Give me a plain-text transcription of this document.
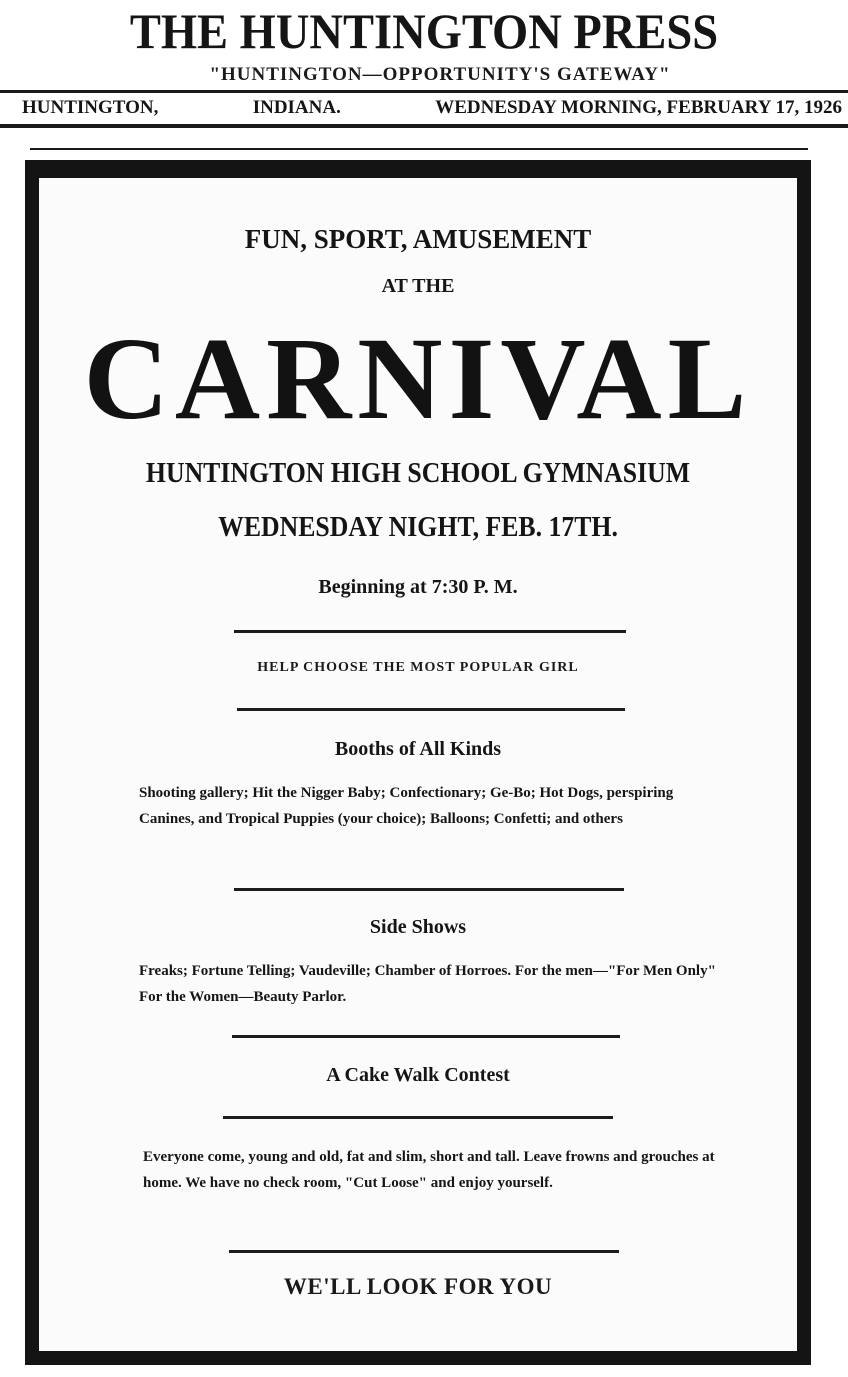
THE HUNTINGTON PRESS
"HUNTINGTON—OPPORTUNITY'S GATEWAY"
HUNTINGTON,	INDIANA.	WEDNESDAY MORNING, FEBRUARY 17, 1926
FUN, SPORT, AMUSEMENT
AT THE
CARNIVAL
HUNTINGTON HIGH SCHOOL GYMNASIUM
WEDNESDAY NIGHT, FEB. 17TH.
Beginning at 7:30 P. M.
HELP CHOOSE THE MOST POPULAR GIRL
Booths of All Kinds
Shooting gallery; Hit the Nigger Baby; Confectionary; Ge-Bo; Hot Dogs, perspiring Canines, and Tropical Puppies (your choice); Balloons; Confetti; and others
Side Shows
Freaks; Fortune Telling; Vaudeville; Chamber of Horroes. For the men—"For Men Only" For the Women—Beauty Parlor.
A Cake Walk Contest
Everyone come, young and old, fat and slim, short and tall. Leave frowns and grouches at home. We have no check room, "Cut Loose" and enjoy yourself.
WE'LL LOOK FOR YOU
